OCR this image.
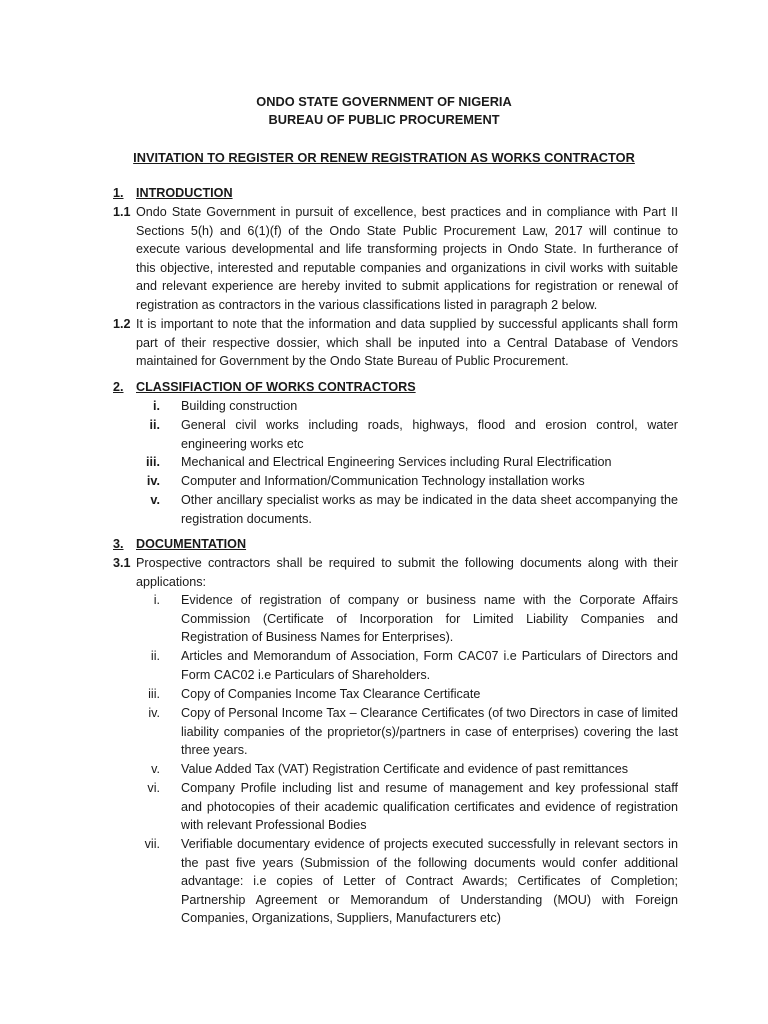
ONDO STATE GOVERNMENT OF NIGERIA

BUREAU OF PUBLIC PROCUREMENT

INVITATION TO REGISTER OR RENEW REGISTRATION AS WORKS CONTRACTOR

1. INTRODUCTION
1.1 Ondo State Government in pursuit of excellence, best practices and in compliance with Part II

Sections 5(h) and 6(1)(f) of the Ondo State Public Procurement Law, 2017 will continue to

execute various developmental and life transforming projects in Ondo State. In furtherance of

this objective, interested and reputable companies and organizations in civil works with suitable

and relevant experience are hereby invited to submit applications for registration or renewal of

registration as contractors in the various classifications listed in paragraph 2 below.

1.2 It is important to note that the information and data supplied by successful applicants shall form

part of their respective dossier, which shall be inputed into a Central Database of Vendors

maintained for Government by the Ondo State Bureau of Public Procurement.

2. CLASSIFIACTION OF WORKS CONTRACTORS
i. Building construction

ii. General civil works including roads, highways, flood and erosion control, water

engineering works etc

iii. Mechanical and Electrical Engineering Services including Rural Electrification

iv. Computer and Information/Communication Technology installation works

v. Other ancillary specialist works as may be indicated in the data sheet accompanying the

registration documents.

3. DOCUMENTATION
3.1 Prospective contractors shall be required to submit the following documents along with their

applications:

i. Evidence of registration of company or business name with the Corporate Affairs

Commission (Certificate of Incorporation for Limited Liability Companies and

Registration of Business Names for Enterprises).

ii. Articles and Memorandum of Association, Form CAC07 i.e Particulars of Directors and

Form CAC02 i.e Particulars of Shareholders.

iii. Copy of Companies Income Tax Clearance Certificate

iv. Copy of Personal Income Tax – Clearance Certificates (of two Directors in case of limited

liability companies of the proprietor(s)/partners in case of enterprises) covering the last

three years.

v. Value Added Tax (VAT) Registration Certificate and evidence of past remittances

vi. Company Profile including list and resume of management and key professional staff

and photocopies of their academic qualification certificates and evidence of registration

with relevant Professional Bodies

vii. Verifiable documentary evidence of projects executed successfully in relevant sectors in

the past five years (Submission of the following documents would confer additional

advantage: i.e copies of Letter of Contract Awards; Certificates of Completion;

Partnership Agreement or Memorandum of Understanding (MOU) with Foreign

Companies, Organizations, Suppliers, Manufacturers etc)
